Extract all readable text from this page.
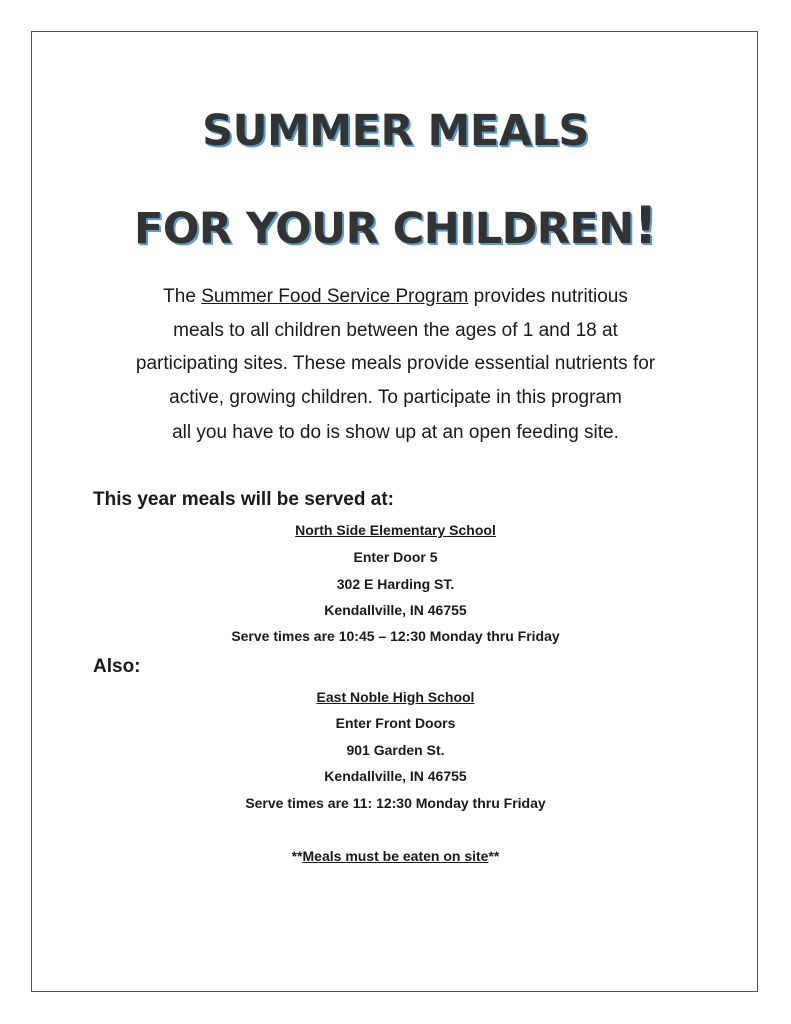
SUMMER MEALS
FOR YOUR CHILDREN!
The Summer Food Service Program provides nutritious
meals to all children between the ages of 1 and 18 at
participating sites. These meals provide essential nutrients for
active, growing children. To participate in this program
all you have to do is show up at an open feeding site.
This year meals will be served at:
North Side Elementary School
Enter Door 5
302 E Harding ST.
Kendallville, IN 46755
Serve times are 10:45 – 12:30 Monday thru Friday
Also:
East Noble High School
Enter Front Doors
901 Garden St.
Kendallville, IN 46755
Serve times are 11: 12:30 Monday thru Friday
**Meals must be eaten on site**
